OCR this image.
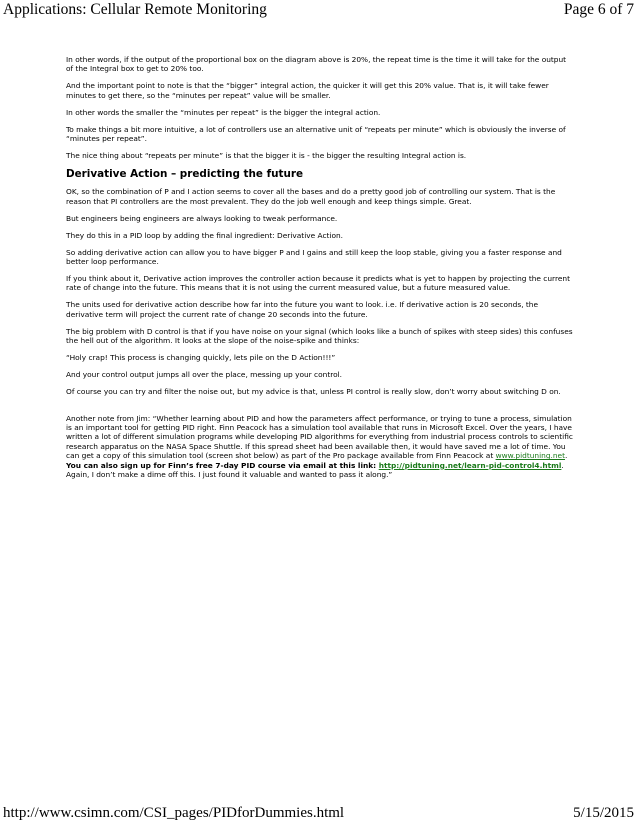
Applications: Cellular Remote Monitoring	Page 6 of 7

In other words, if the output of the proportional box on the diagram above is 20%, the repeat time is the time it will take for the output of the Integral box to get to 20% too.

And the important point to note is that the “bigger” integral action, the quicker it will get this 20% value. That is, it will take fewer minutes to get there, so the “minutes per repeat” value will be smaller.

In other words the smaller the “minutes per repeat” is the bigger the integral action.

To make things a bit more intuitive, a lot of controllers use an alternative unit of “repeats per minute” which is obviously the inverse of “minutes per repeat”.

The nice thing about “repeats per minute” is that the bigger it is - the bigger the resulting Integral action is.

Derivative Action – predicting the future

OK, so the combination of P and I action seems to cover all the bases and do a pretty good job of controlling our system. That is the reason that PI controllers are the most prevalent. They do the job well enough and keep things simple. Great.

But engineers being engineers are always looking to tweak performance.

They do this in a PID loop by adding the final ingredient: Derivative Action.

So adding derivative action can allow you to have bigger P and I gains and still keep the loop stable, giving you a faster response and better loop performance.

If you think about it, Derivative action improves the controller action because it predicts what is yet to happen by projecting the current rate of change into the future. This means that it is not using the current measured value, but a future measured value.

The units used for derivative action describe how far into the future you want to look. i.e. If derivative action is 20 seconds, the derivative term will project the current rate of change 20 seconds into the future.

The big problem with D control is that if you have noise on your signal (which looks like a bunch of spikes with steep sides) this confuses the hell out of the algorithm. It looks at the slope of the noise-spike and thinks:

“Holy crap! This process is changing quickly, lets pile on the D Action!!!”

And your control output jumps all over the place, messing up your control.

Of course you can try and filter the noise out, but my advice is that, unless PI control is really slow, don’t worry about switching D on.

Another note from Jim: “Whether learning about PID and how the parameters affect performance, or trying to tune a process, simulation is an important tool for getting PID right. Finn Peacock has a simulation tool available that runs in Microsoft Excel. Over the years, I have written a lot of different simulation programs while developing PID algorithms for everything from industrial process controls to scientific research apparatus on the NASA Space Shuttle. If this spread sheet had been available then, it would have saved me a lot of time. You can get a copy of this simulation tool (screen shot below) as part of the Pro package available from Finn Peacock at www.pidtuning.net. You can also sign up for Finn’s free 7-day PID course via email at this link: http://pidtuning.net/learn-pid-control4.html. Again, I don’t make a dime off this. I just found it valuable and wanted to pass it along.”

http://www.csimn.com/CSI_pages/PIDforDummies.html	5/15/2015
